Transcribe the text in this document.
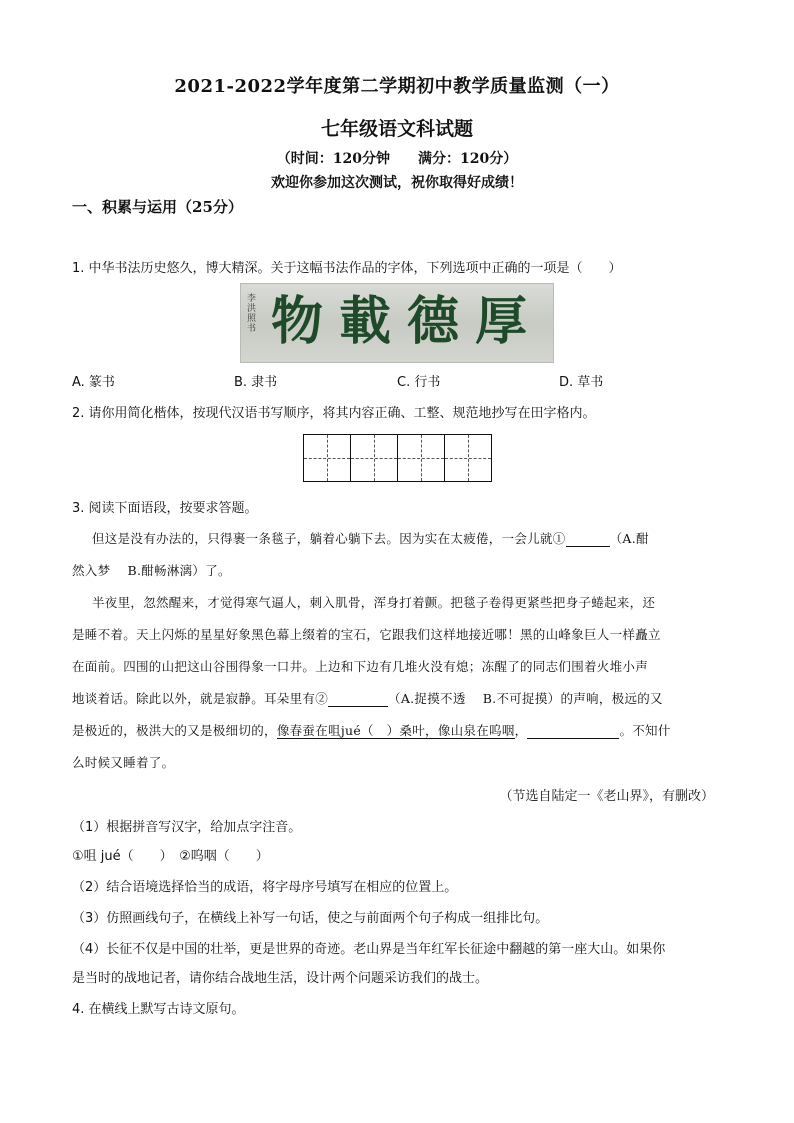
2021-2022学年度第二学期初中教学质量监测（一）
七年级语文科试题
（时间：120分钟　　满分：120分）
欢迎你参加这次测试，祝你取得好成绩！
一、积累与运用（25分）
1. 中华书法历史悠久，博大精深。关于这幅书法作品的字体，下列选项中正确的一项是（　　）
李洪照书 物載德厚
A. 篆书	B. 隶书	C. 行书	D. 草书
2. 请你用简化楷体，按现代汉语书写顺序，将其内容正确、工整、规范地抄写在田字格内。
3. 阅读下面语段，按要求答题。
但这是没有办法的，只得裹一条毯子，躺着心躺下去。因为实在太疲倦，一会儿就①	（A.酣
然入梦　 B.酣畅淋漓）了。
半夜里，忽然醒来，才觉得寒气逼人，刺入肌骨，浑身打着颤。把毯子卷得更紧些把身子蜷起来，还
是睡不着。天上闪烁的星星好象黑色幕上缀着的宝石，它跟我们这样地接近哪！黑的山峰象巨人一样矗立
在面前。四围的山把这山谷围得象一口井。上边和下边有几堆火没有熄；冻醒了的同志们围着火堆小声
地谈着话。除此以外，就是寂静。耳朵里有②	（A.捉摸不透　 B.不可捉摸）的声响，极远的又
是极近的，极洪大的又是极细切的，像春蚕在咀jué（　）桑叶，像山泉在呜咽，	。不知什
么时候又睡着了。
（节选自陆定一《老山界》，有删改）
（1）根据拼音写汉字，给加点字注音。
①咀 jué（　　）　②呜咽（　　）
（2）结合语境选择恰当的成语，将字母序号填写在相应的位置上。
（3）仿照画线句子，在横线上补写一句话，使之与前面两个句子构成一组排比句。
（4）长征不仅是中国的壮举，更是世界的奇迹。老山界是当年红军长征途中翻越的第一座大山。如果你
是当时的战地记者，请你结合战地生活，设计两个问题采访我们的战士。
4. 在横线上默写古诗文原句。
